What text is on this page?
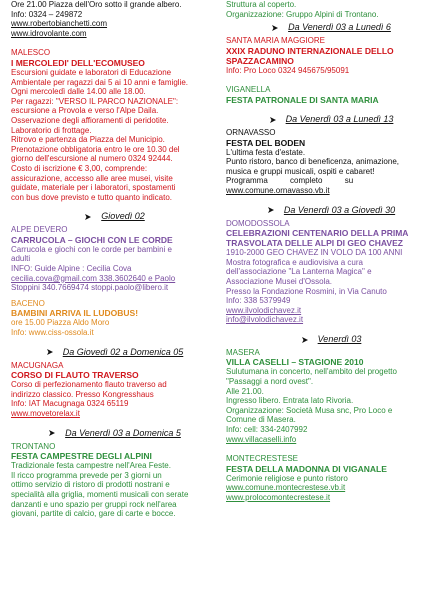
Ore 21.00 Piazza dell'Oro sotto il grande albero.
Info: 0324 – 249872
www.robertobianchetti.com
www.idrovolante.com
MALESCO
I MERCOLEDI' DELL'ECOMUSEO
Escursioni guidate e laboratori di Educazione
Ambientale per ragazzi dai 5 ai 10 anni e famiglie.
Ogni mercoledì dalle 14.00 alle 18.00.
Per ragazzi: "VERSO IL PARCO NAZIONALE":
escursione a Provola e verso l'Alpe Daila.
Osservazione degli affioramenti di peridotite.
Laboratorio di frottage.
Ritrovo e partenza da Piazza del Municipio.
Prenotazione obbligatoria entro le ore 10.30 del
giorno dell'escursione al numero 0324 92444.
Costo di iscrizione € 3,00, comprende:
assicurazione, accesso alle aree musei, visite
guidate, materiale per i laboratori, spostamenti
con bus dove previsto e tutto quanto indicato.
Giovedì 02
ALPE DEVERO
CARRUCOLA – GIOCHI CON LE CORDE
Carrucola e giochi con le corde per bambini e
adulti
INFO: Guide Alpine : Cecilia Cova
cecilia.cova@gmail.com 338.3602640 e Paolo
Stoppini 340.7669474 stoppi.paolo@libero.it
BACENO
BAMBINI ARRIVA IL LUDOBUS!
ore 15.00 Piazza Aldo Moro
Info: www.ciss-ossola.it
Da Giovedì 02 a Domenica 05
MACUGNAGA
CORSO DI FLAUTO TRAVERSO
Corso di perfezionamento flauto traverso ad
indirizzo classico. Presso Kongresshaus
Info: IAT Macugnaga 0324 65119
www.movetorelax.it
Da Venerdì 03 a Domenica 5
TRONTANO
FESTA CAMPESTRE DEGLI ALPINI
Tradizionale festa campestre nell'Area Feste.
Il ricco programma prevede per 3 giorni un
ottimo servizio di ristoro di prodotti nostrani e
specialità alla griglia, momenti musicali con serate
danzanti e uno spazio per gruppi rock nell'area
giovani, partite di calcio, gare di carte e bocce.
Struttura al coperto.
Organizzazione: Gruppo Alpini di Trontano.
Da Venerdì 03 a Lunedì 6
SANTA MARIA MAGGIORE
XXIX RADUNO INTERNAZIONALE DELLO
SPAZZACAMINO
Info: Pro Loco 0324 945675/95091
VIGANELLA
FESTA PATRONALE DI SANTA MARIA
Da Venerdì 03 a Lunedì 13
ORNAVASSO
FESTA DEL BODEN
L'ultima festa d'estate.
Punto ristoro, banco di beneficenza, animazione,
musica e gruppi musicali, ospiti e cabaret!
Programma          completo          su
www.comune.ornavasso.vb.it
Da Venerdì 03 a Giovedì 30
DOMODOSSOLA
CELEBRAZIONI CENTENARIO DELLA PRIMA
TRASVOLATA DELLE ALPI DI GEO CHAVEZ
1910-2000 GEO CHAVEZ IN VOLO DA 100 ANNI
Mostra fotografica e audiovisiva a cura
dell'associazione "La Lanterna Magica" e
Associazione Musei d'Ossola.
Presso la Fondazione Rosmini, in Via Canuto
Info: 338 5379949
www.ilvolodichavez.it
info@ilvolodichavez.it
Venerdì 03
MASERA
VILLA CASELLI – STAGIONE 2010
Sulutumana in concerto, nell'ambito del progetto
"Passaggi a nord ovest".
Alle 21.00.
Ingresso libero. Entrata lato Rivoria.
Organizzazione: Società Musa snc, Pro Loco e
Comune di Masera.
Info: cell: 334-2407992
www.villacaselli.info
MONTECRESTESE
FESTA DELLA MADONNA DI VIGANALE
Cerimonie religiose e punto ristoro
www.comune.montecrestese.vb.it
www.prolocomontecrestese.it
